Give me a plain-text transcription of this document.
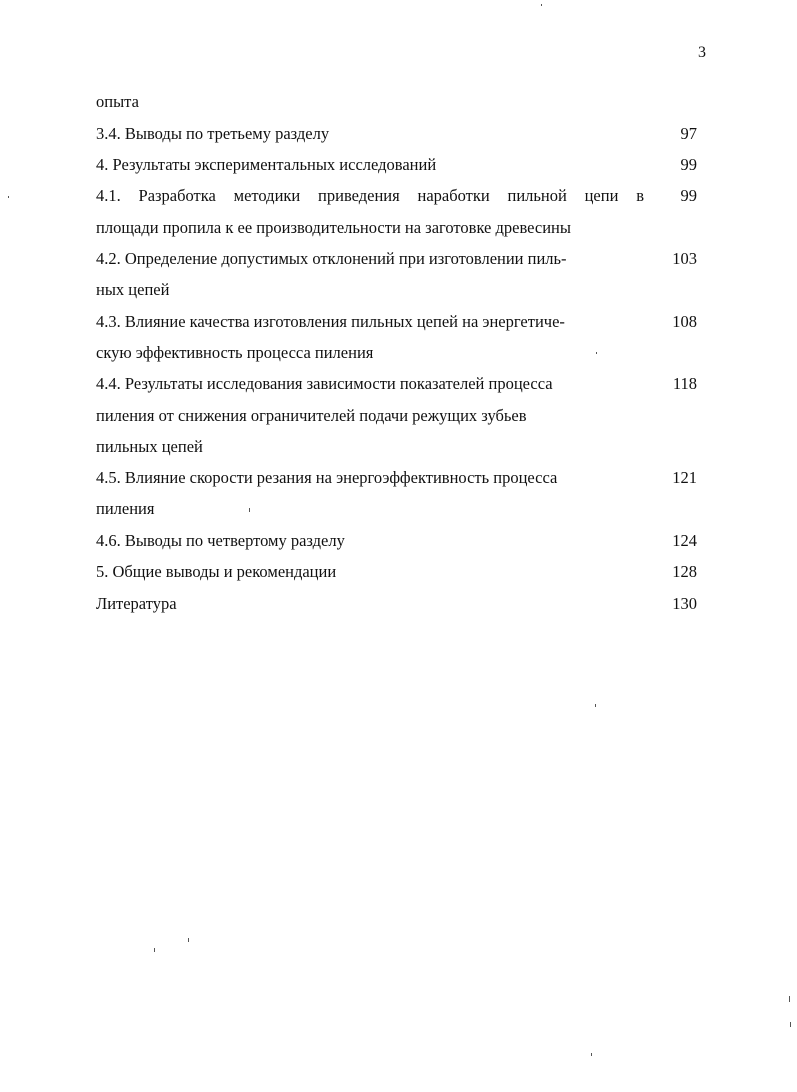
3
опыта
3.4. Выводы по третьему разделу	97
4. Результаты экспериментальных исследований	99
4.1. Разработка методики приведения наработки пильной цепи в	99
площади пропила к ее производительности на заготовке древесины
4.2. Определение допустимых отклонений при изготовлении пиль-	103
ных цепей
4.3. Влияние качества изготовления пильных цепей на энергетиче-	108
скую эффективность процесса пиления
4.4. Результаты исследования зависимости показателей процесса	118
пиления от снижения ограничителей подачи режущих зубьев
пильных цепей
4.5. Влияние скорости резания на энергоэффективность процесса	121
пиления
4.6. Выводы по четвертому разделу	124
5. Общие выводы и рекомендации	128
Литература	130
